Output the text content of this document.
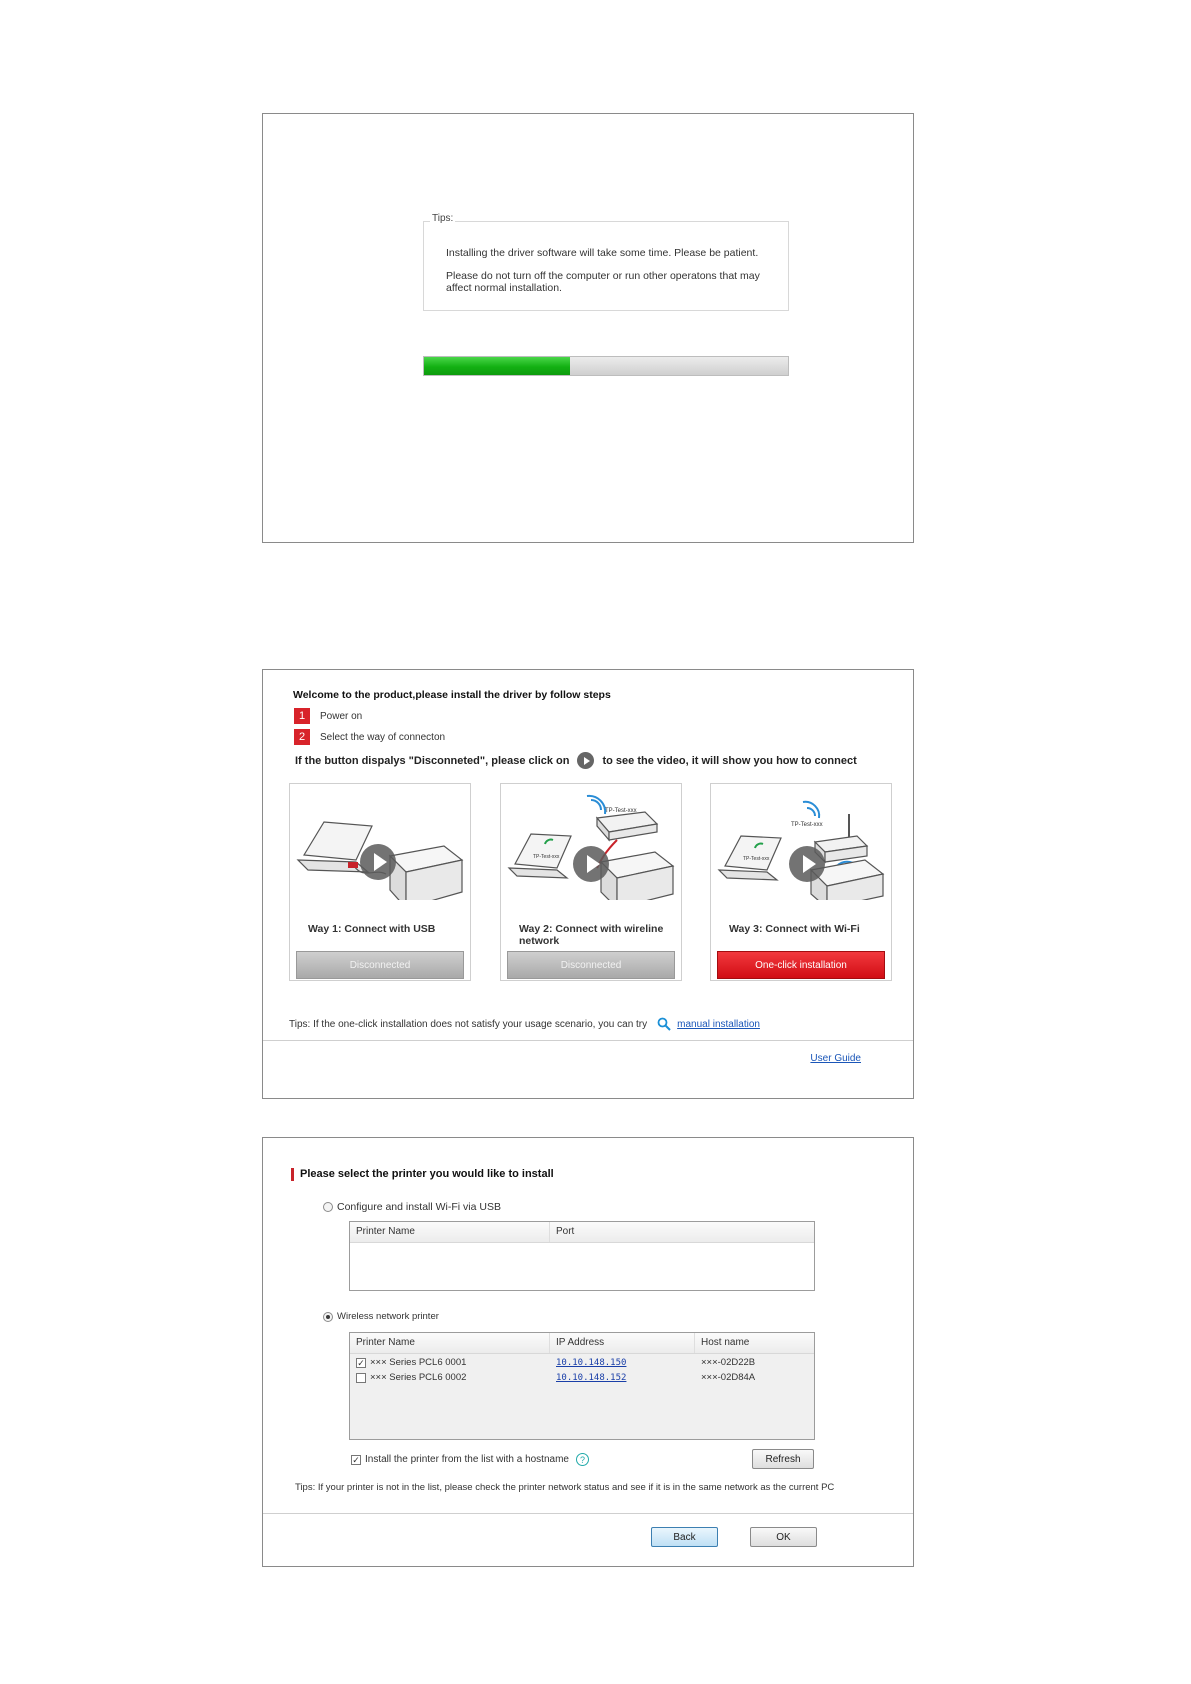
Tips:
Installing the driver software will take some time. Please be patient.
Please do not turn off the computer or run other operatons that may
affect normal installation.
Welcome to the product,please install the driver by follow steps
1	Power on
2	Select the way of connecton
If the button dispalys "Disconneted", please click on	to see the video, it will show you how to connect
Way 1: Connect with USB
Disconnected
TP-Test-xxx
TP-Test-xxx
Way 2: Connect with wireline network
Disconnected
TP-Test-xxx
TP-Test-xxx
Way 3: Connect with Wi-Fi
One-click installation
Tips: If the one-click installation does not satisfy your usage scenario, you can try	manual installation
User Guide
Please select the printer you would like to install
Configure and install Wi-Fi via USB
Printer Name	Port
Wireless network printer
Printer Name	IP Address	Host name
✓ ××× Series PCL6 0001	10.10.148.150	×××-02D22B
××× Series PCL6 0002	10.10.148.152	×××-02D84A
✓ Install the printer from the list with a hostname	?	Refresh
Tips: If your printer is not in the list, please check the printer network status and see if it is in the same network as the current PC
Back	OK
